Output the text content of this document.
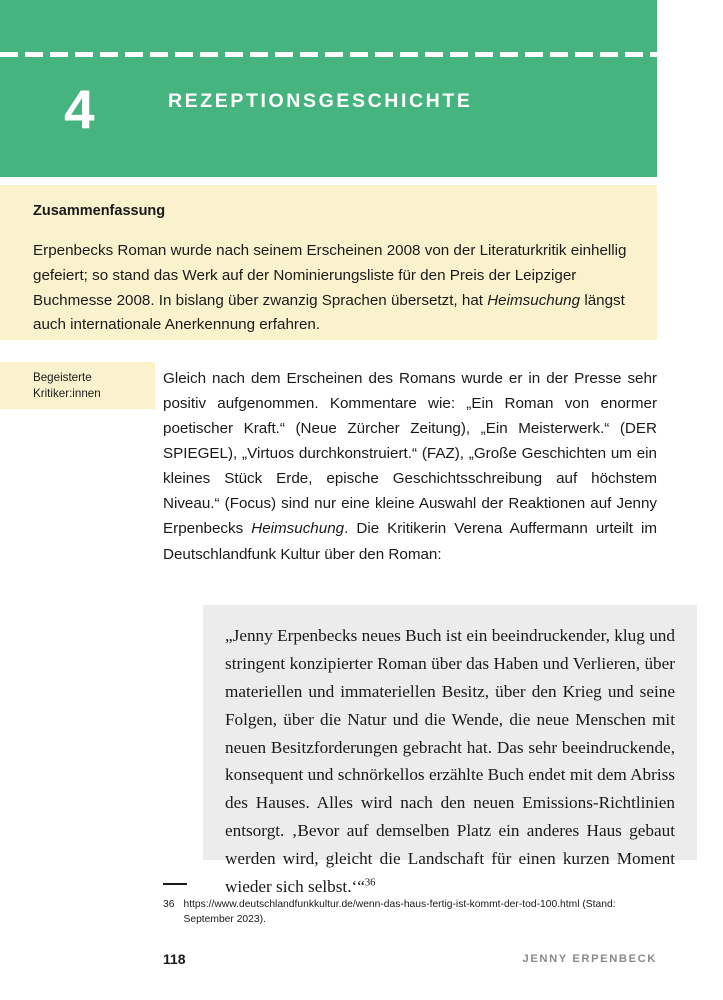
4	REZEPTIONSGESCHICHTE
Zusammenfassung

Erpenbecks Roman wurde nach seinem Erscheinen 2008 von der Literaturkritik einhellig gefeiert; so stand das Werk auf der Nominierungsliste für den Preis der Leipziger Buchmesse 2008. In bislang über zwanzig Sprachen übersetzt, hat Heimsuchung längst auch internationale Anerkennung erfahren.

Begeisterte
Kritiker:innen

Gleich nach dem Erscheinen des Romans wurde er in der Presse sehr positiv aufgenommen. Kommentare wie: „Ein Roman von enormer poetischer Kraft.“ (Neue Zürcher Zeitung), „Ein Meisterwerk.“ (DER SPIEGEL), „Virtuos durchkonstruiert.“ (FAZ), „Große Geschichten um ein kleines Stück Erde, epische Geschichtsschreibung auf höchstem Niveau.“ (Focus) sind nur eine kleine Auswahl der Reaktionen auf Jenny Erpenbecks Heimsuchung. Die Kritikerin Verena Auffermann urteilt im Deutschlandfunk Kultur über den Roman:

„Jenny Erpenbecks neues Buch ist ein beeindruckender, klug und stringent konzipierter Roman über das Haben und Verlieren, über materiellen und immateriellen Besitz, über den Krieg und seine Folgen, über die Natur und die Wende, die neue Menschen mit neuen Besitzforderungen gebracht hat. Das sehr beeindruckende, konsequent und schnörkellos erzählte Buch endet mit dem Abriss des Hauses. Alles wird nach den neuen Emissions-Richtlinien entsorgt. ‚Bevor auf demselben Platz ein anderes Haus gebaut werden wird, gleicht die Landschaft für einen kurzen Moment wieder sich selbst.‘“$^{36}$
36 https://www.deutschlandfunkkultur.de/wenn-das-haus-fertig-ist-kommt-der-tod-100.html (Stand: September 2023).
118	JENNY ERPENBECK
